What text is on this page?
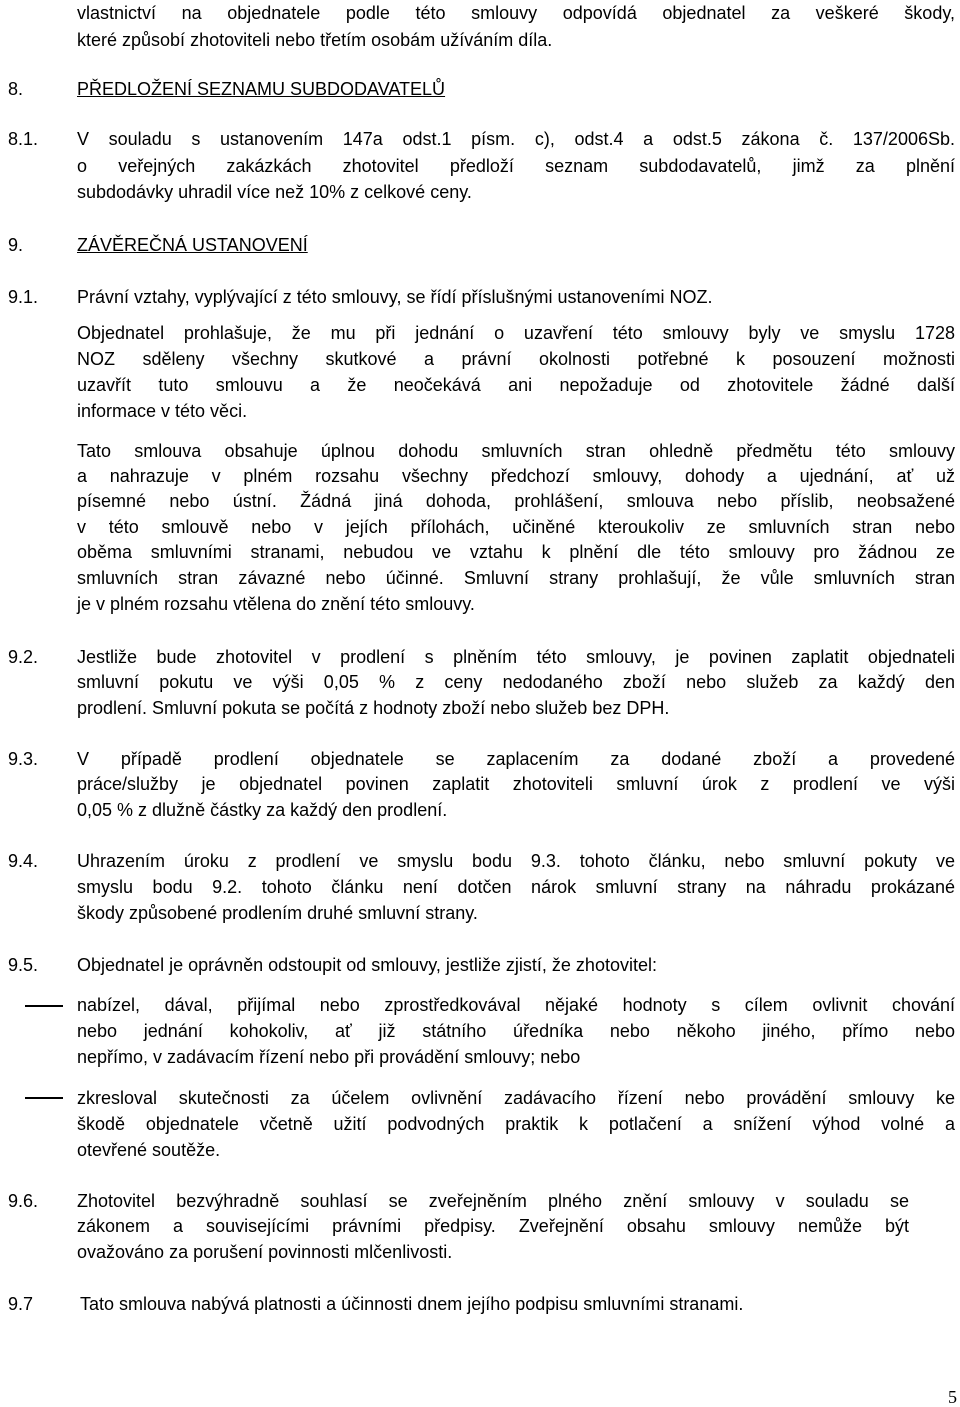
vlastnictví na objednatele podle této smlouvy odpovídá objednatel za veškeré škody,
které způsobí zhotoviteli nebo třetím osobám užíváním díla.
8.	PŘEDLOŽENÍ SEZNAMU SUBDODAVATELŮ
8.1. V souladu s ustanovením 147a odst.1 písm. c), odst.4 a odst.5 zákona č. 137/2006Sb.
o veřejných zakázkách zhotovitel předloží seznam subdodavatelů, jimž za plnění
subdodávky uhradil více než 10% z celkové ceny.
9.	ZÁVĚREČNÁ USTANOVENÍ
9.1. Právní vztahy, vyplývající z této smlouvy, se řídí příslušnými ustanoveními NOZ.
Objednatel prohlašuje, že mu při jednání o uzavření této smlouvy byly ve smyslu 1728
NOZ sděleny všechny skutkové a právní okolnosti potřebné k posouzení možnosti
uzavřít tuto smlouvu a že neočekává ani nepožaduje od zhotovitele žádné další
informace v této věci.
Tato smlouva obsahuje úplnou dohodu smluvních stran ohledně předmětu této smlouvy
a nahrazuje v plném rozsahu všechny předchozí smlouvy, dohody a ujednání, ať už
písemné nebo ústní. Žádná jiná dohoda, prohlášení, smlouva nebo příslib, neobsažené
v této smlouvě nebo v jejích přílohách, učiněné kteroukoliv ze smluvních stran nebo
oběma smluvními stranami, nebudou ve vztahu k plnění dle této smlouvy pro žádnou ze
smluvních stran závazné nebo účinné. Smluvní strany prohlašují, že vůle smluvních stran
je v plném rozsahu vtělena do znění této smlouvy.
9.2. Jestliže bude zhotovitel v prodlení s plněním této smlouvy, je povinen zaplatit objednateli
smluvní pokutu ve výši 0,05 % z ceny nedodaného zboží nebo služeb za každý den
prodlení. Smluvní pokuta se počítá z hodnoty zboží nebo služeb bez DPH.
9.3. V případě prodlení objednatele se zaplacením za dodané zboží a provedené
práce/služby je objednatel povinen zaplatit zhotoviteli smluvní úrok z prodlení ve výši
0,05 % z dlužně částky za každý den prodlení.
9.4. Uhrazením úroku z prodlení ve smyslu bodu 9.3. tohoto článku, nebo smluvní pokuty ve
smyslu bodu 9.2. tohoto článku není dotčen nárok smluvní strany na náhradu prokázané
škody způsobené prodlením druhé smluvní strany.
9.5. Objednatel je oprávněn odstoupit od smlouvy, jestliže zjistí, že zhotovitel:
nabízel, dával, přijímal nebo zprostředkovával nějaké hodnoty s cílem ovlivnit chování
nebo jednání kohokoliv, ať již státního úředníka nebo někoho jiného, přímo nebo
nepřímo, v zadávacím řízení nebo při provádění smlouvy; nebo
zkresloval skutečnosti za účelem ovlivnění zadávacího řízení nebo provádění smlouvy ke
škodě objednatele včetně užití podvodných praktik k potlačení a snížení výhod volné a
otevřené soutěže.
9.6. Zhotovitel bezvýhradně souhlasí se zveřejněním plného znění smlouvy v souladu se
zákonem a souvisejícími právními předpisy. Zveřejnění obsahu smlouvy nemůže být
ovažováno za porušení povinnosti mlčenlivosti.
9.7	Tato smlouva nabývá platnosti a účinnosti dnem jejího podpisu smluvními stranami.
5
